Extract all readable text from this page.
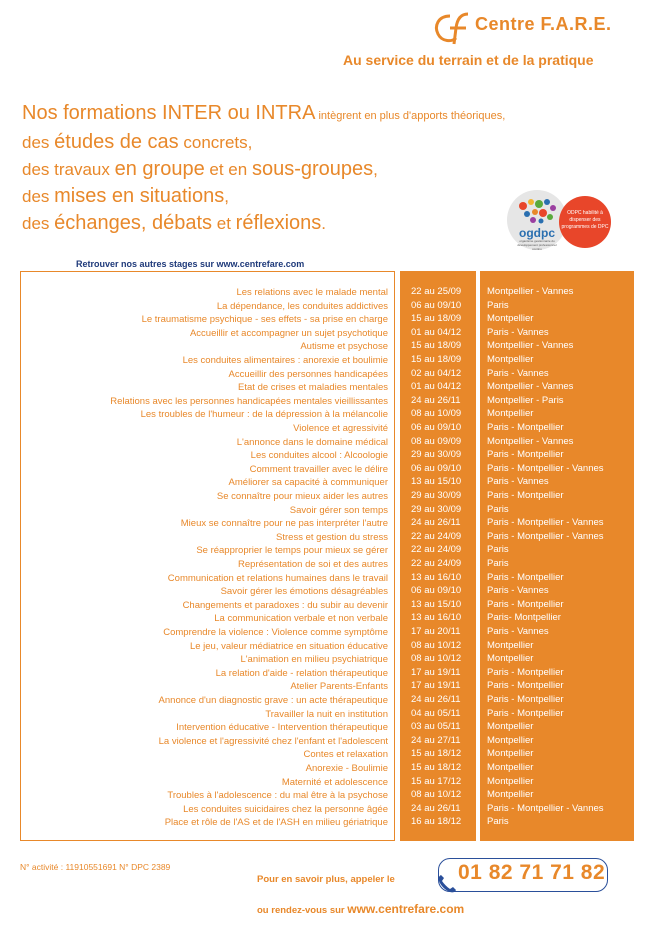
Centre F.A.R.E.
Au service du terrain et de la pratique
Nos formations INTER ou INTRA intègrent en plus d'apports théoriques,
des études de cas concrets,
des travaux en groupe et en sous-groupes,
des mises en situations,
des échanges, débats et réflexions.	ogdpc
organisme gestionnaire du développement professionnel continu
ODPC habilité à dispenser des programmes de DPC
Retrouver nos autres stages sur www.centrefare.com
Les relations avec le malade mental
La dépendance, les conduites addictives
Le traumatisme psychique - ses effets - sa prise en charge
Accueillir et accompagner un sujet psychotique
Autisme et psychose
Les conduites alimentaires : anorexie et boulimie
Accueillir des personnes handicapées
Etat de crises et maladies mentales
Relations avec les personnes handicapées mentales vieillissantes
Les troubles de l'humeur : de la dépression à la mélancolie
Violence et agressivité
L'annonce dans le domaine médical
Les conduites alcool : Alcoologie
Comment travailler avec le délire
Améliorer sa capacité à communiquer
Se connaître pour mieux aider les autres
Savoir gérer son temps
Mieux se connaître pour ne pas interpréter l'autre
Stress et gestion du stress
Se réapproprier le temps pour mieux se gérer
Représentation de soi et des autres
Communication et relations humaines dans le travail
Savoir gérer les émotions désagréables
Changements et paradoxes : du subir au devenir
La communication verbale et non verbale
Comprendre la violence : Violence comme symptôme
Le jeu, valeur médiatrice en situation éducative
L'animation en milieu psychiatrique
La relation d'aide - relation thérapeutique
Atelier Parents-Enfants
Annonce d'un diagnostic grave : un acte thérapeutique
Travailler la nuit en institution
Intervention éducative - Intervention thérapeutique
La violence et l'agressivité chez l'enfant et l'adolescent
Contes et relaxation
Anorexie - Boulimie
Maternité et adolescence
Troubles à l'adolescence : du mal être à la psychose
Les conduites suicidaires chez la personne âgée
Place et rôle de l'AS et de l'ASH en milieu gériatrique
22 au 25/09
06 au 09/10
15 au 18/09
01 au 04/12
15 au 18/09
15 au 18/09
02 au 04/12
01 au 04/12
24 au 26/11
08 au 10/09
06 au 09/10
08 au 09/09
29 au 30/09
06 au 09/10
13 au 15/10
29 au 30/09
29 au 30/09
24 au 26/11
22 au 24/09
22 au 24/09
22 au 24/09
13 au 16/10
06 au 09/10
13 au 15/10
13 au 16/10
17 au 20/11
08 au 10/12
08 au 10/12
17 au 19/11
17 au 19/11
24 au 26/11
04 au 05/11
03 au 05/11
24 au 27/11
15 au 18/12
15 au 18/12
15 au 17/12
08 au 10/12
24 au 26/11
16 au 18/12
Montpellier - Vannes
Paris
Montpellier
Paris - Vannes
Montpellier - Vannes
Montpellier
Paris - Vannes
Montpellier - Vannes
Montpellier - Paris
Montpellier
Paris - Montpellier
Montpellier - Vannes
Paris - Montpellier
Paris - Montpellier - Vannes
Paris - Vannes
Paris - Montpellier
Paris
Paris - Montpellier - Vannes
Paris - Montpellier - Vannes
Paris
Paris
Paris - Montpellier
Paris - Vannes
Paris - Montpellier
Paris- Montpellier
Paris - Vannes
Montpellier
Montpellier
Paris - Montpellier
Paris - Montpellier
Paris - Montpellier
Paris - Montpellier
Montpellier
Montpellier
Montpellier
Montpellier
Montpellier
Montpellier
Paris - Montpellier - Vannes
Paris
N° activité : 11910551691 N° DPC 2389
Pour en savoir plus, appeler le	01 82 71 71 82
ou rendez-vous sur www.centrefare.com
